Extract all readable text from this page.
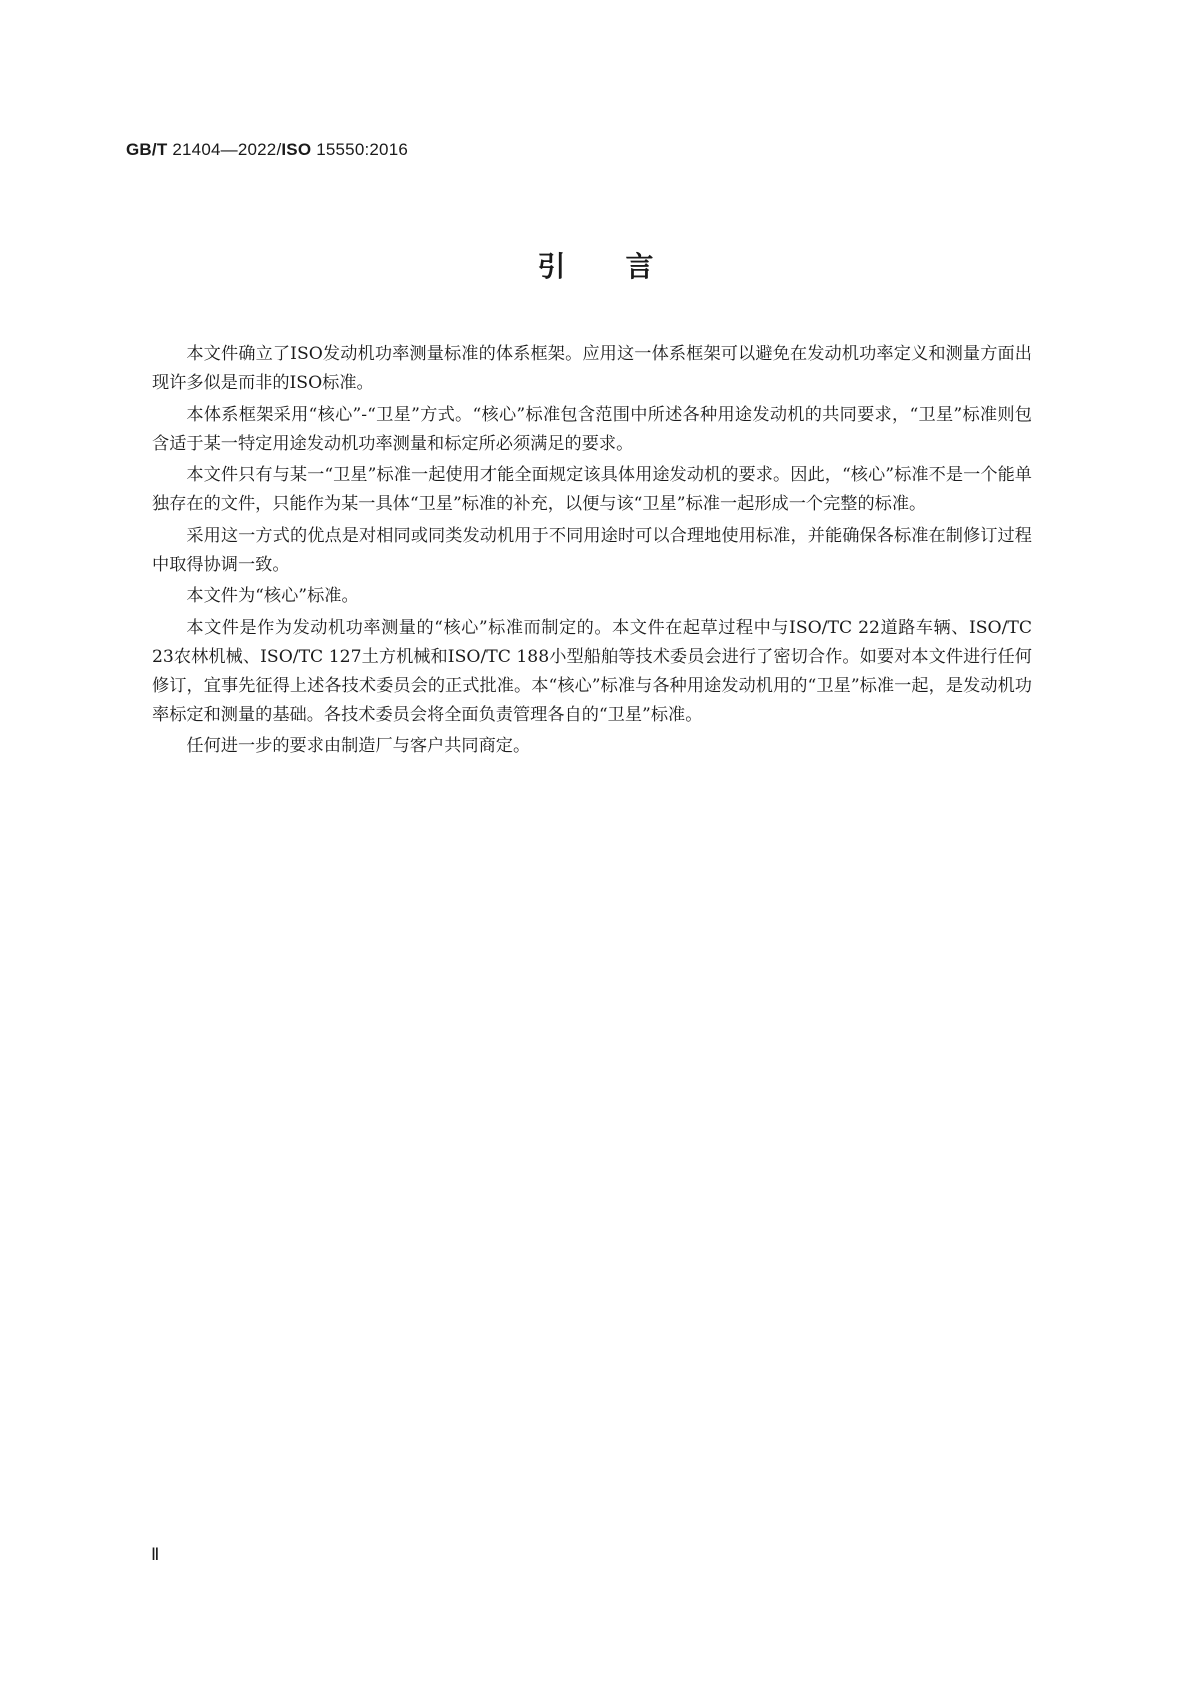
GB/T 21404—2022/ISO 15550:2016
引言

本文件确立了ISO发动机功率测量标准的体系框架。应用这一体系框架可以避免在发动机功率定义和测量方面出现许多似是而非的ISO标准。

本体系框架采用“核心”-“卫星”方式。“核心”标准包含范围中所述各种用途发动机的共同要求，“卫星”标准则包含适于某一特定用途发动机功率测量和标定所必须满足的要求。

本文件只有与某一“卫星”标准一起使用才能全面规定该具体用途发动机的要求。因此，“核心”标准不是一个能单独存在的文件，只能作为某一具体“卫星”标准的补充，以便与该“卫星”标准一起形成一个完整的标准。

采用这一方式的优点是对相同或同类发动机用于不同用途时可以合理地使用标准，并能确保各标准在制修订过程中取得协调一致。

本文件为“核心”标准。

本文件是作为发动机功率测量的“核心”标准而制定的。本文件在起草过程中与ISO/TC 22道路车辆、ISO/TC 23农林机械、ISO/TC 127土方机械和ISO/TC 188小型船舶等技术委员会进行了密切合作。如要对本文件进行任何修订，宜事先征得上述各技术委员会的正式批准。本“核心”标准与各种用途发动机用的“卫星”标准一起，是发动机功率标定和测量的基础。各技术委员会将全面负责管理各自的“卫星”标准。

任何进一步的要求由制造厂与客户共同商定。

Ⅱ
